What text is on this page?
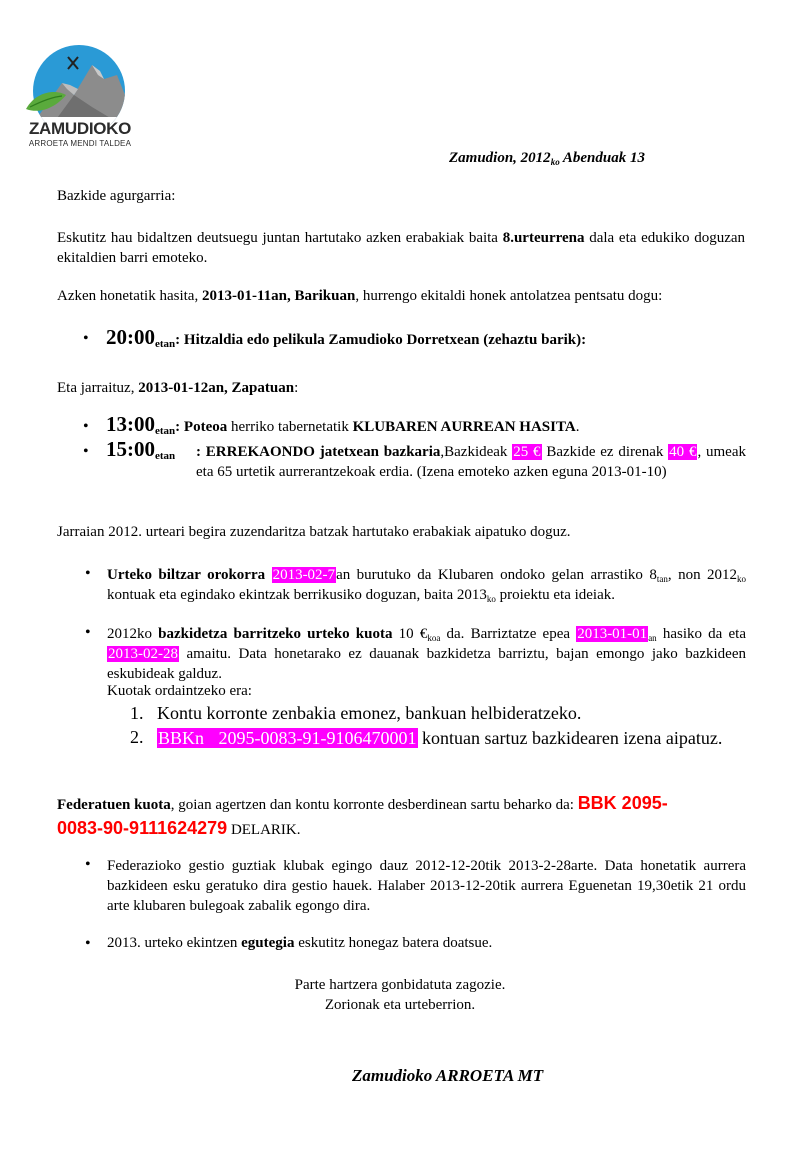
ZAMUDIOKO
ARROETA MENDI TALDEA
Zamudion, $2012_{ko}$ Abenduak 13

Bazkide agurgarria:

Eskutitz hau bidaltzen deutsuegu juntan hartutako azken erabakiak baita 8.urteurrena dala eta edukiko doguzan ekitaldien barri emoteko.

Azken honetatik hasita, 2013-01-11an, Barikuan, hurrengo ekitaldi honek antolatzea pentsatu dogu:

• $20:00_{etan}$: Hitzaldia edo pelikula Zamudioko Dorretxean (zehaztu barik):

Eta jarraituz, 2013-01-12an, Zapatuan:

• $13:00_{etan}$: Poteoa herriko tabernetatik KLUBAREN AURREAN HASITA.
• $15:00_{etan}$ : ERREKAONDO jatetxean bazkaria,Bazkideak 25 € Bazkide ez direnak 40 €, umeak eta 65 urtetik aurrerantzekoak erdia. (Izena emoteko azken eguna 2013-01-10)

Jarraian 2012. urteari begira zuzendaritza batzak hartutako erabakiak aipatuko doguz.

• Urteko biltzar orokorra 2013-02-7an burutuko da Klubaren ondoko gelan arrastiko $8_{tan}$, non $2012_{ko}$ kontuak eta egindako ekintzak berrikusiko doguzan, baita $2013_{ko}$ proiektu eta ideiak.

• 2012ko bazkidetza barritzeko urteko kuota 10 $€_{koa}$ da. Barriztatze epea $2013-01-01_{an}$ hasiko da eta 2013-02-28 amaitu. Data honetarako ez dauanak bazkidetza barriztu, bajan emongo jako bazkideen eskubideak galduz.

Kuotak ordaintzeko era:

1. Kontu korronte zenbakia emonez, bankuan helbideratzeko.
2. BBKn 2095-0083-91-9106470001 kontuan sartuz bazkidearen izena aipatuz.

Federatuen kuota, goian agertzen dan kontu korronte desberdinean sartu beharko da: BBK 2095-
0083-90-9111624279 DELARIK.

• Federazioko gestio guztiak klubak egingo dauz 2012-12-20tik 2013-2-28arte. Data honetatik aurrera bazkideen esku geratuko dira gestio hauek. Halaber 2013-12-20tik aurrera Eguenetan 19,30etik 21 ordu arte klubaren bulegoak zabalik egongo dira.

• 2013. urteko ekintzen egutegia eskutitz honegaz batera doatsue.

Parte hartzera gonbidatuta zagozie.
Zorionak eta urteberrion.
Zamudioko ARROETA MT
